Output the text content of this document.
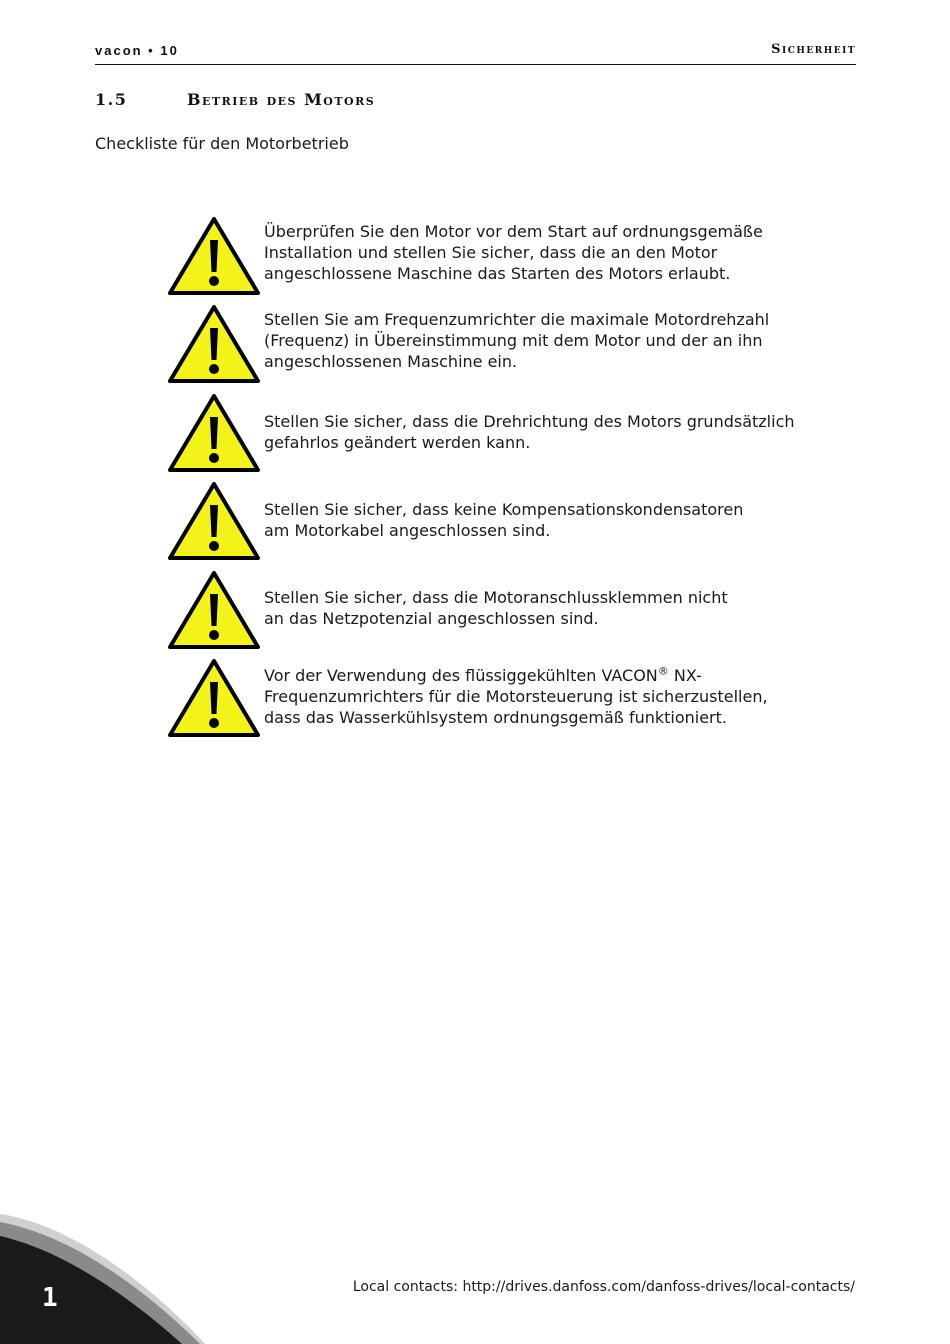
vacon • 10	Sicherheit
1.5	Betrieb des Motors
Checkliste für den Motorbetrieb
Überprüfen Sie den Motor vor dem Start auf ordnungsgemäße Installation und stellen Sie sicher, dass die an den Motor angeschlossene Maschine das Starten des Motors erlaubt.
Stellen Sie am Frequenzumrichter die maximale Motordrehzahl (Frequenz) in Übereinstimmung mit dem Motor und der an ihn angeschlossenen Maschine ein.
Stellen Sie sicher, dass die Drehrichtung des Motors grundsätzlich gefahrlos geändert werden kann.
Stellen Sie sicher, dass keine Kompensationskondensatoren am Motorkabel angeschlossen sind.
Stellen Sie sicher, dass die Motoranschlussklemmen nicht an das Netzpotenzial angeschlossen sind.
Vor der Verwendung des flüssiggekühlten VACON® NX-Frequenzumrichters für die Motorsteuerung ist sicherzustellen, dass das Wasserkühlsystem ordnungsgemäß funktioniert.
1	Local contacts: http://drives.danfoss.com/danfoss-drives/local-contacts/
